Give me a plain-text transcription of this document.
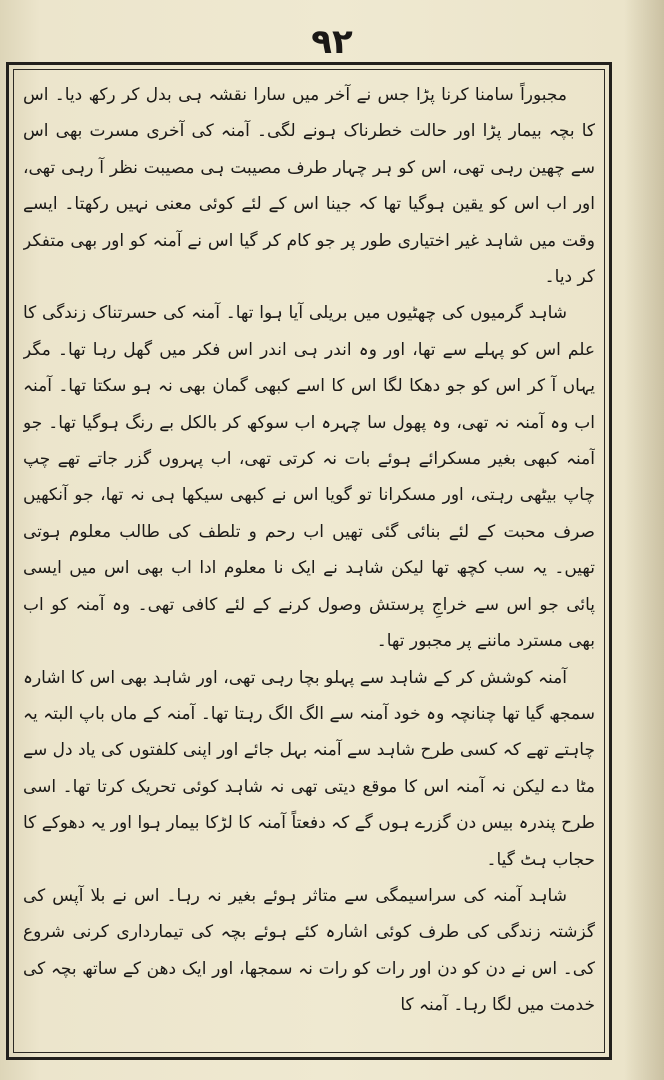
۹۲

مجبوراً سامنا کرنا پڑا جس نے آخر میں سارا نقشہ ہی بدل کر رکھ دیا۔ اس کا بچہ بیمار پڑا اور حالت خطرناک ہونے لگی۔ آمنہ کی آخری مسرت بھی اس سے چھین رہی تھی، اس کو ہر چہار طرف مصیبت ہی مصیبت نظر آ رہی تھی، اور اب اس کو یقین ہوگیا تھا کہ جینا اس کے لئے کوئی معنی نہیں رکھتا۔ ایسے وقت میں شاہد غیر اختیاری طور پر جو کام کر گیا اس نے آمنہ کو اور بھی متفکر کر دیا۔

شاہد گرمیوں کی چھٹیوں میں بریلی آیا ہوا تھا۔ آمنہ کی حسرتناک زندگی کا علم اس کو پہلے سے تھا، اور وہ اندر ہی اندر اس فکر میں گھل رہا تھا۔ مگر یہاں آ کر اس کو جو دھکا لگا اس کا اسے کبھی گمان بھی نہ ہو سکتا تھا۔ آمنہ اب وہ آمنہ نہ تھی، وہ پھول سا چہرہ اب سوکھ کر بالکل بے رنگ ہوگیا تھا۔ جو آمنہ کبھی بغیر مسکرائے ہوئے بات نہ کرتی تھی، اب پہروں گزر جاتے تھے چپ چاپ بیٹھی رہتی، اور مسکرانا تو گویا اس نے کبھی سیکھا ہی نہ تھا، جو آنکھیں صرف محبت کے لئے بنائی گئی تھیں اب رحم و تلطف کی طالب معلوم ہوتی تھیں۔ یہ سب کچھ تھا لیکن شاہد نے ایک نا معلوم ادا اب بھی اس میں ایسی پائی جو اس سے خراجِ پرستش وصول کرنے کے لئے کافی تھی۔ وہ آمنہ کو اب بھی مسترد ماننے پر مجبور تھا۔

آمنہ کوشش کر کے شاہد سے پہلو بچا رہی تھی، اور شاہد بھی اس کا اشارہ سمجھ گیا تھا چنانچہ وہ خود آمنہ سے الگ الگ رہتا تھا۔ آمنہ کے ماں باپ البتہ یہ چاہتے تھے کہ کسی طرح شاہد سے آمنہ بہل جائے اور اپنی کلفتوں کی یاد دل سے مٹا دے لیکن نہ آمنہ اس کا موقع دیتی تھی نہ شاہد کوئی تحریک کرتا تھا۔ اسی طرح پندرہ بیس دن گزرے ہوں گے کہ دفعتاً آمنہ کا لڑکا بیمار ہوا اور یہ دھوکے کا حجاب ہٹ گیا۔

شاہد آمنہ کی سراسیمگی سے متاثر ہوئے بغیر نہ رہا۔ اس نے بلا آپس کی گزشتہ زندگی کی طرف کوئی اشارہ کئے ہوئے بچہ کی تیمارداری کرنی شروع کی۔ اس نے دن کو دن اور رات کو رات نہ سمجھا، اور ایک دھن کے ساتھ بچہ کی خدمت میں لگا رہا۔ آمنہ کا
